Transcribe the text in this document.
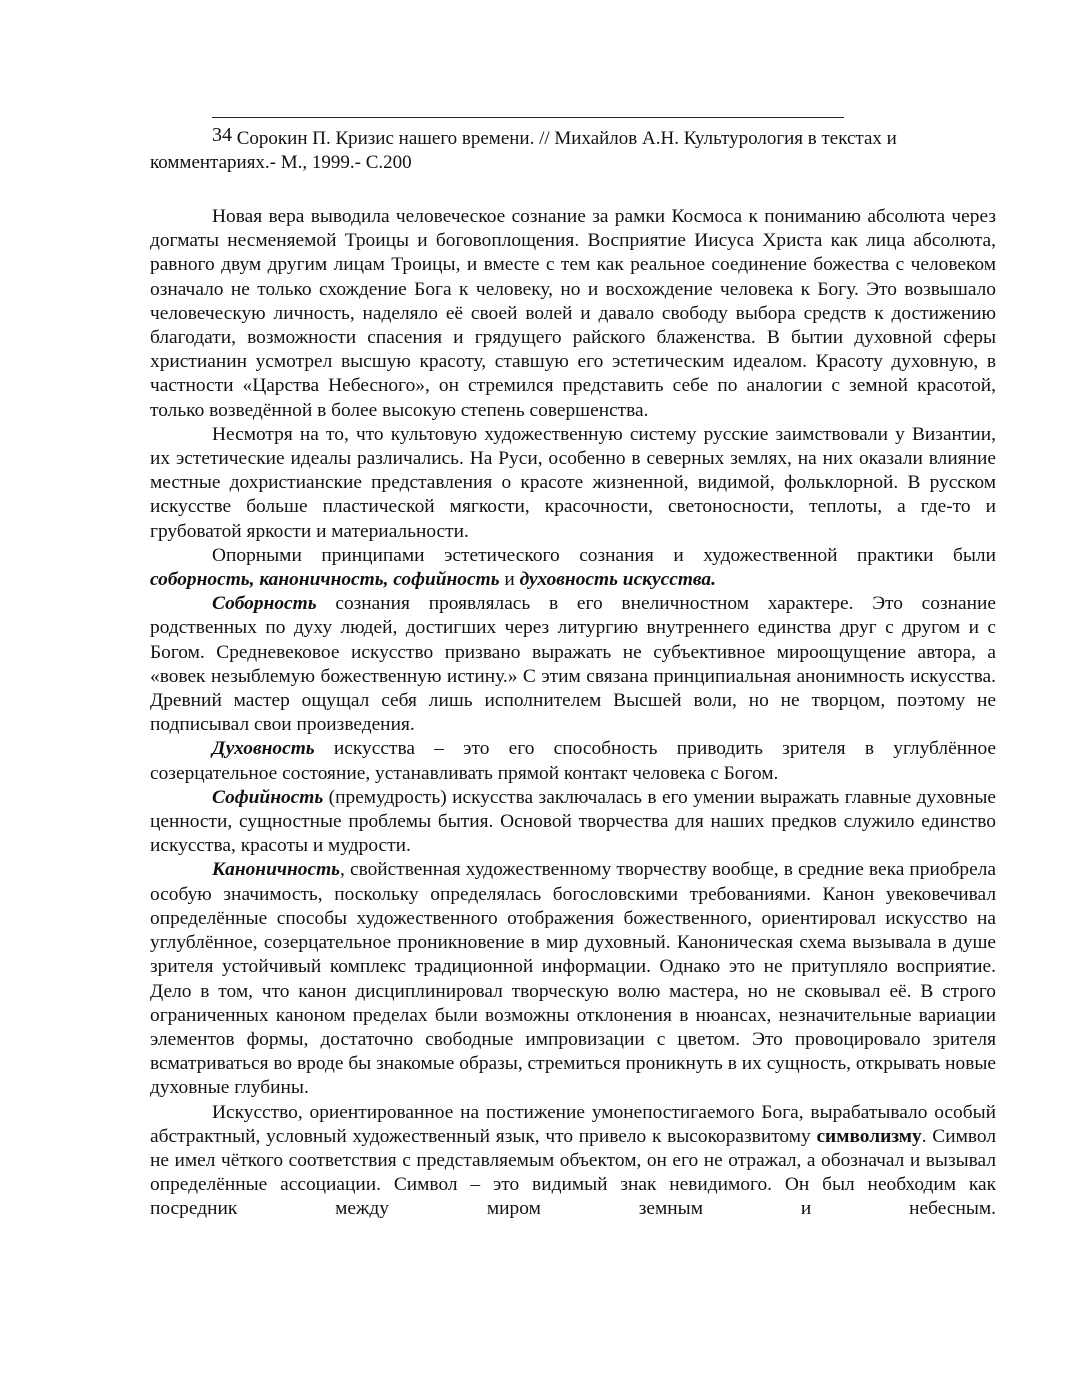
$^{34}$ Сорокин П. Кризис нашего времени. // Михайлов А.Н. Культурология в текстах и комментариях.- М., 1999.- С.200

Новая вера выводила человеческое сознание за рамки Космоса к пониманию абсолюта через догматы несменяемой Троицы и боговоплощения. Восприятие Иисуса Христа как лица абсолюта, равного двум другим лицам Троицы, и вместе с тем как реальное соединение божества с человеком означало не только схождение Бога к человеку, но и восхождение человека к Богу. Это возвышало человеческую личность, наделяло её своей волей и давало свободу выбора средств к достижению благодати, возможности спасения и грядущего райского блаженства. В бытии духовной сферы христианин усмотрел высшую красоту, ставшую его эстетическим идеалом. Красоту духовную, в частности «Царства Небесного», он стремился представить себе по аналогии с земной красотой, только возведённой в более высокую степень совершенства.

Несмотря на то, что культовую художественную систему русские заимствовали у Византии, их эстетические идеалы различались. На Руси, особенно в северных землях, на них оказали влияние местные дохристианские представления о красоте жизненной, видимой, фольклорной. В русском искусстве больше пластической мягкости, красочности, светоносности, теплоты, а где-то и грубоватой яркости и материальности.

Опорными принципами эстетического сознания и художественной практики были соборность, каноничность, софийность и духовность искусства.

Соборность сознания проявлялась в его внеличностном характере. Это сознание родственных по духу людей, достигших через литургию внутреннего единства друг с другом и с Богом. Средневековое искусство призвано выражать не субъективное мироощущение автора, а «вовек незыблемую божественную истину.» С этим связана принципиальная анонимность искусства. Древний мастер ощущал себя лишь исполнителем Высшей воли, но не творцом, поэтому не подписывал свои произведения.

Духовность искусства – это его способность приводить зрителя в углублённое созерцательное состояние, устанавливать прямой контакт человека с Богом.

Софийность (премудрость) искусства заключалась в его умении выражать главные духовные ценности, сущностные проблемы бытия. Основой творчества для наших предков служило единство искусства, красоты и мудрости.

Каноничность, свойственная художественному творчеству вообще, в средние века приобрела особую значимость, поскольку определялась богословскими требованиями. Канон увековечивал определённые способы художественного отображения божественного, ориентировал искусство на углублённое, созерцательное проникновение в мир духовный. Каноническая схема вызывала в душе зрителя устойчивый комплекс традиционной информации. Однако это не притупляло восприятие. Дело в том, что канон дисциплинировал творческую волю мастера, но не сковывал её. В строго ограниченных каноном пределах были возможны отклонения в нюансах, незначительные вариации элементов формы, достаточно свободные импровизации с цветом. Это провоцировало зрителя всматриваться во вроде бы знакомые образы, стремиться проникнуть в их сущность, открывать новые духовные глубины.

Искусство, ориентированное на постижение умонепостигаемого Бога, вырабатывало особый абстрактный, условный художественный язык, что привело к высокоразвитому символизму. Символ не имел чёткого соответствия с представляемым объектом, он его не отражал, а обозначал и вызывал определённые ассоциации. Символ – это видимый знак невидимого. Он был необходим как посредник между миром земным и небесным.
